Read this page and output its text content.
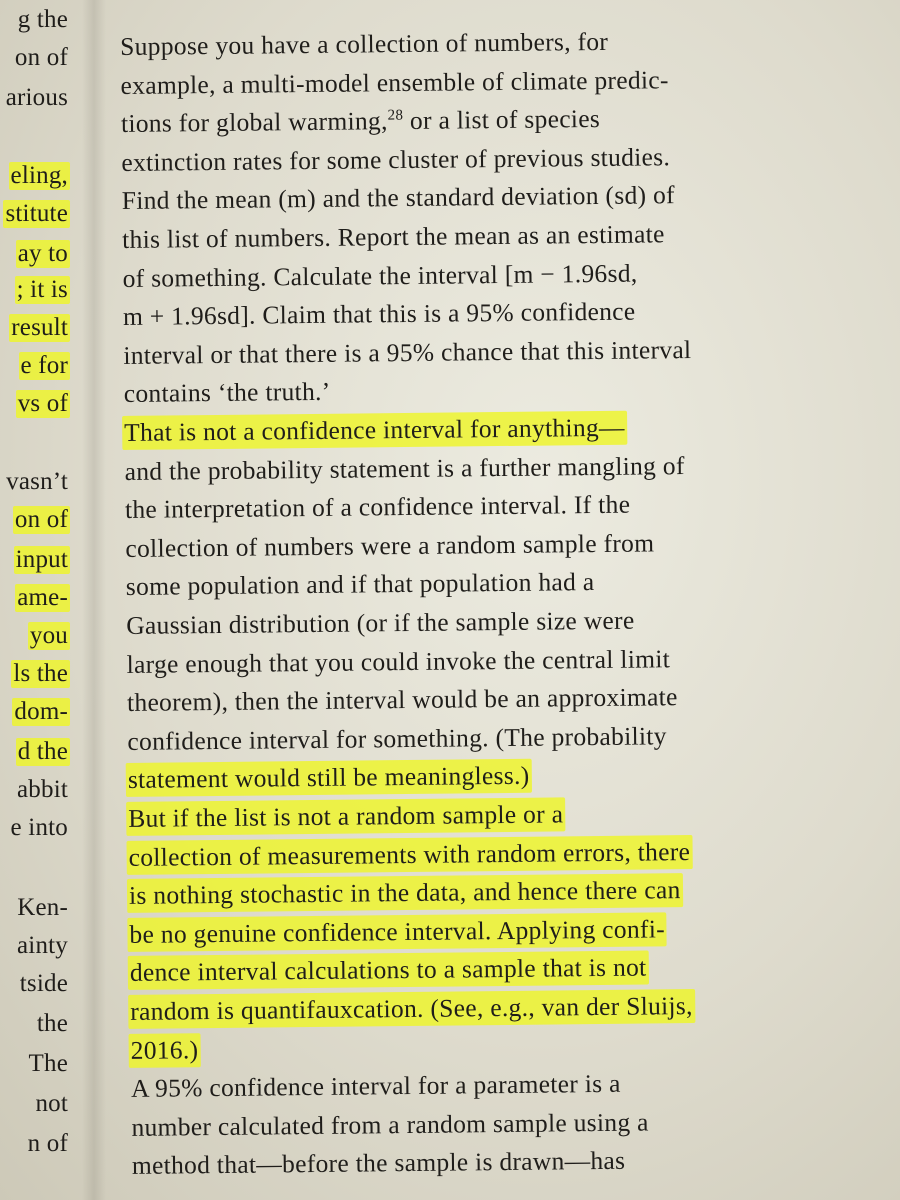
g the
on of
arious
eling,
stitute
ay to
; it is
result
e for
vs of
vasn’t
on of
input
ame-
you
ls the
dom-
d the
abbit
e into
Ken-
ainty
tside
the
The
not
n of
Suppose you have a collection of numbers, for
example, a multi-model ensemble of climate predic-
tions for global warming,$^{28}$ or a list of species
extinction rates for some cluster of previous studies.
Find the mean (m) and the standard deviation (sd) of
this list of numbers. Report the mean as an estimate
of something. Calculate the interval [m − 1.96sd,
m + 1.96sd]. Claim that this is a 95% confidence
interval or that there is a 95% chance that this interval
contains ‘the truth.’
That is not a confidence interval for anything—
and the probability statement is a further mangling of
the interpretation of a confidence interval. If the
collection of numbers were a random sample from
some population and if that population had a
Gaussian distribution (or if the sample size were
large enough that you could invoke the central limit
theorem), then the interval would be an approximate
confidence interval for something. (The probability
statement would still be meaningless.)
But if the list is not a random sample or a
collection of measurements with random errors, there
is nothing stochastic in the data, and hence there can
be no genuine confidence interval. Applying confi-
dence interval calculations to a sample that is not
random is quantifauxcation. (See, e.g., van der Sluijs,
2016.)
A 95% confidence interval for a parameter is a
number calculated from a random sample using a
method that—before the sample is drawn—has
